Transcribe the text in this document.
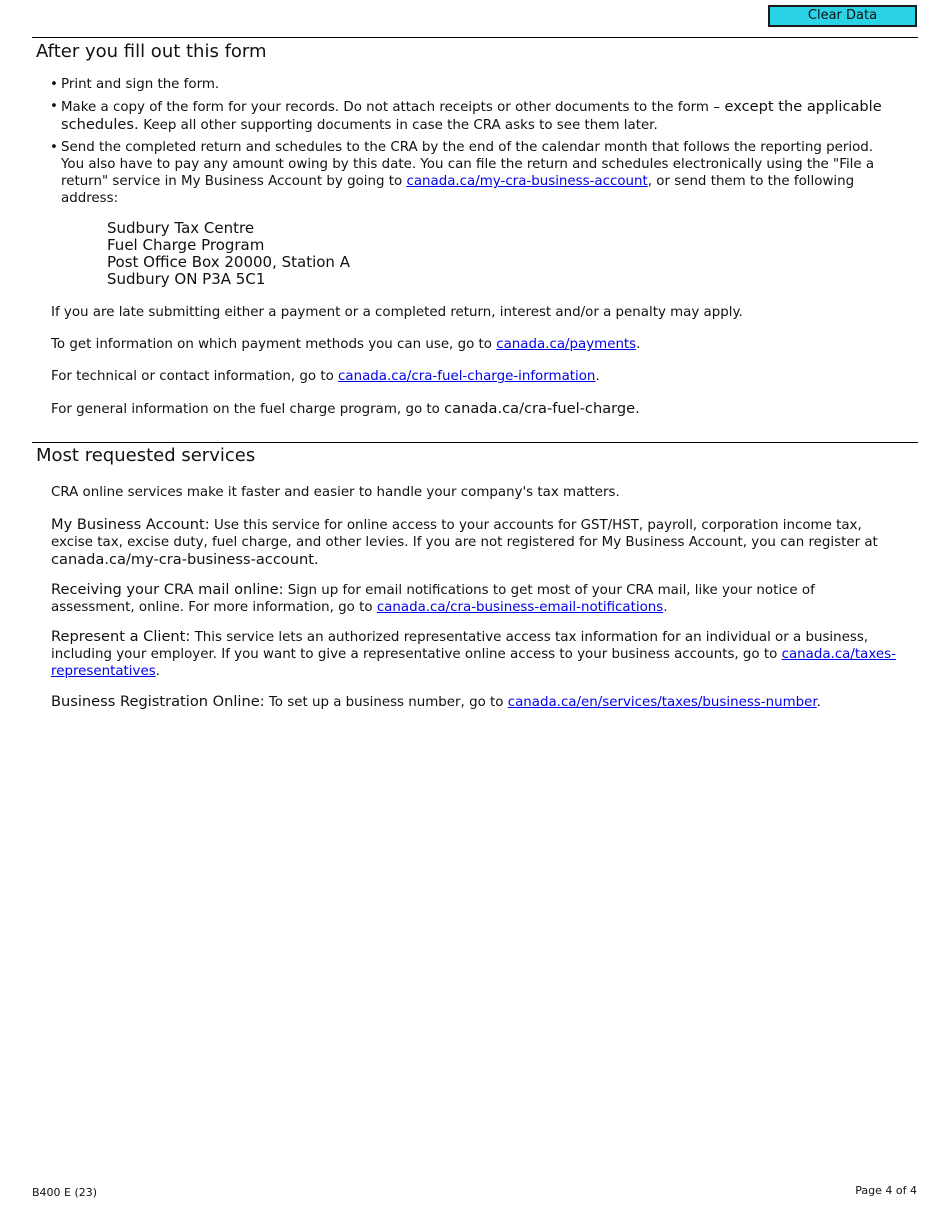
Clear Data
After you fill out this form
• Print and sign the form.
• Make a copy of the form for your records. Do not attach receipts or other documents to the form – except the applicable schedules. Keep all other supporting documents in case the CRA asks to see them later.
• Send the completed return and schedules to the CRA by the end of the calendar month that follows the reporting period. You also have to pay any amount owing by this date. You can file the return and schedules electronically using the "File a return" service in My Business Account by going to canada.ca/my-cra-business-account, or send them to the following address:
Sudbury Tax Centre
Fuel Charge Program
Post Office Box 20000, Station A
Sudbury ON P3A 5C1

If you are late submitting either a payment or a completed return, interest and/or a penalty may apply.

To get information on which payment methods you can use, go to canada.ca/payments.

For technical or contact information, go to canada.ca/cra-fuel-charge-information.

For general information on the fuel charge program, go to canada.ca/cra-fuel-charge.

Most requested services

CRA online services make it faster and easier to handle your company's tax matters.

My Business Account: Use this service for online access to your accounts for GST/HST, payroll, corporation income tax, excise tax, excise duty, fuel charge, and other levies. If you are not registered for My Business Account, you can register at canada.ca/my-cra-business-account.

Receiving your CRA mail online: Sign up for email notifications to get most of your CRA mail, like your notice of assessment, online. For more information, go to canada.ca/cra-business-email-notifications.

Represent a Client: This service lets an authorized representative access tax information for an individual or a business, including your employer. If you want to give a representative online access to your business accounts, go to canada.ca/taxes-representatives.

Business Registration Online: To set up a business number, go to canada.ca/en/services/taxes/business-number.

B400 E (23)	Page 4 of 4
